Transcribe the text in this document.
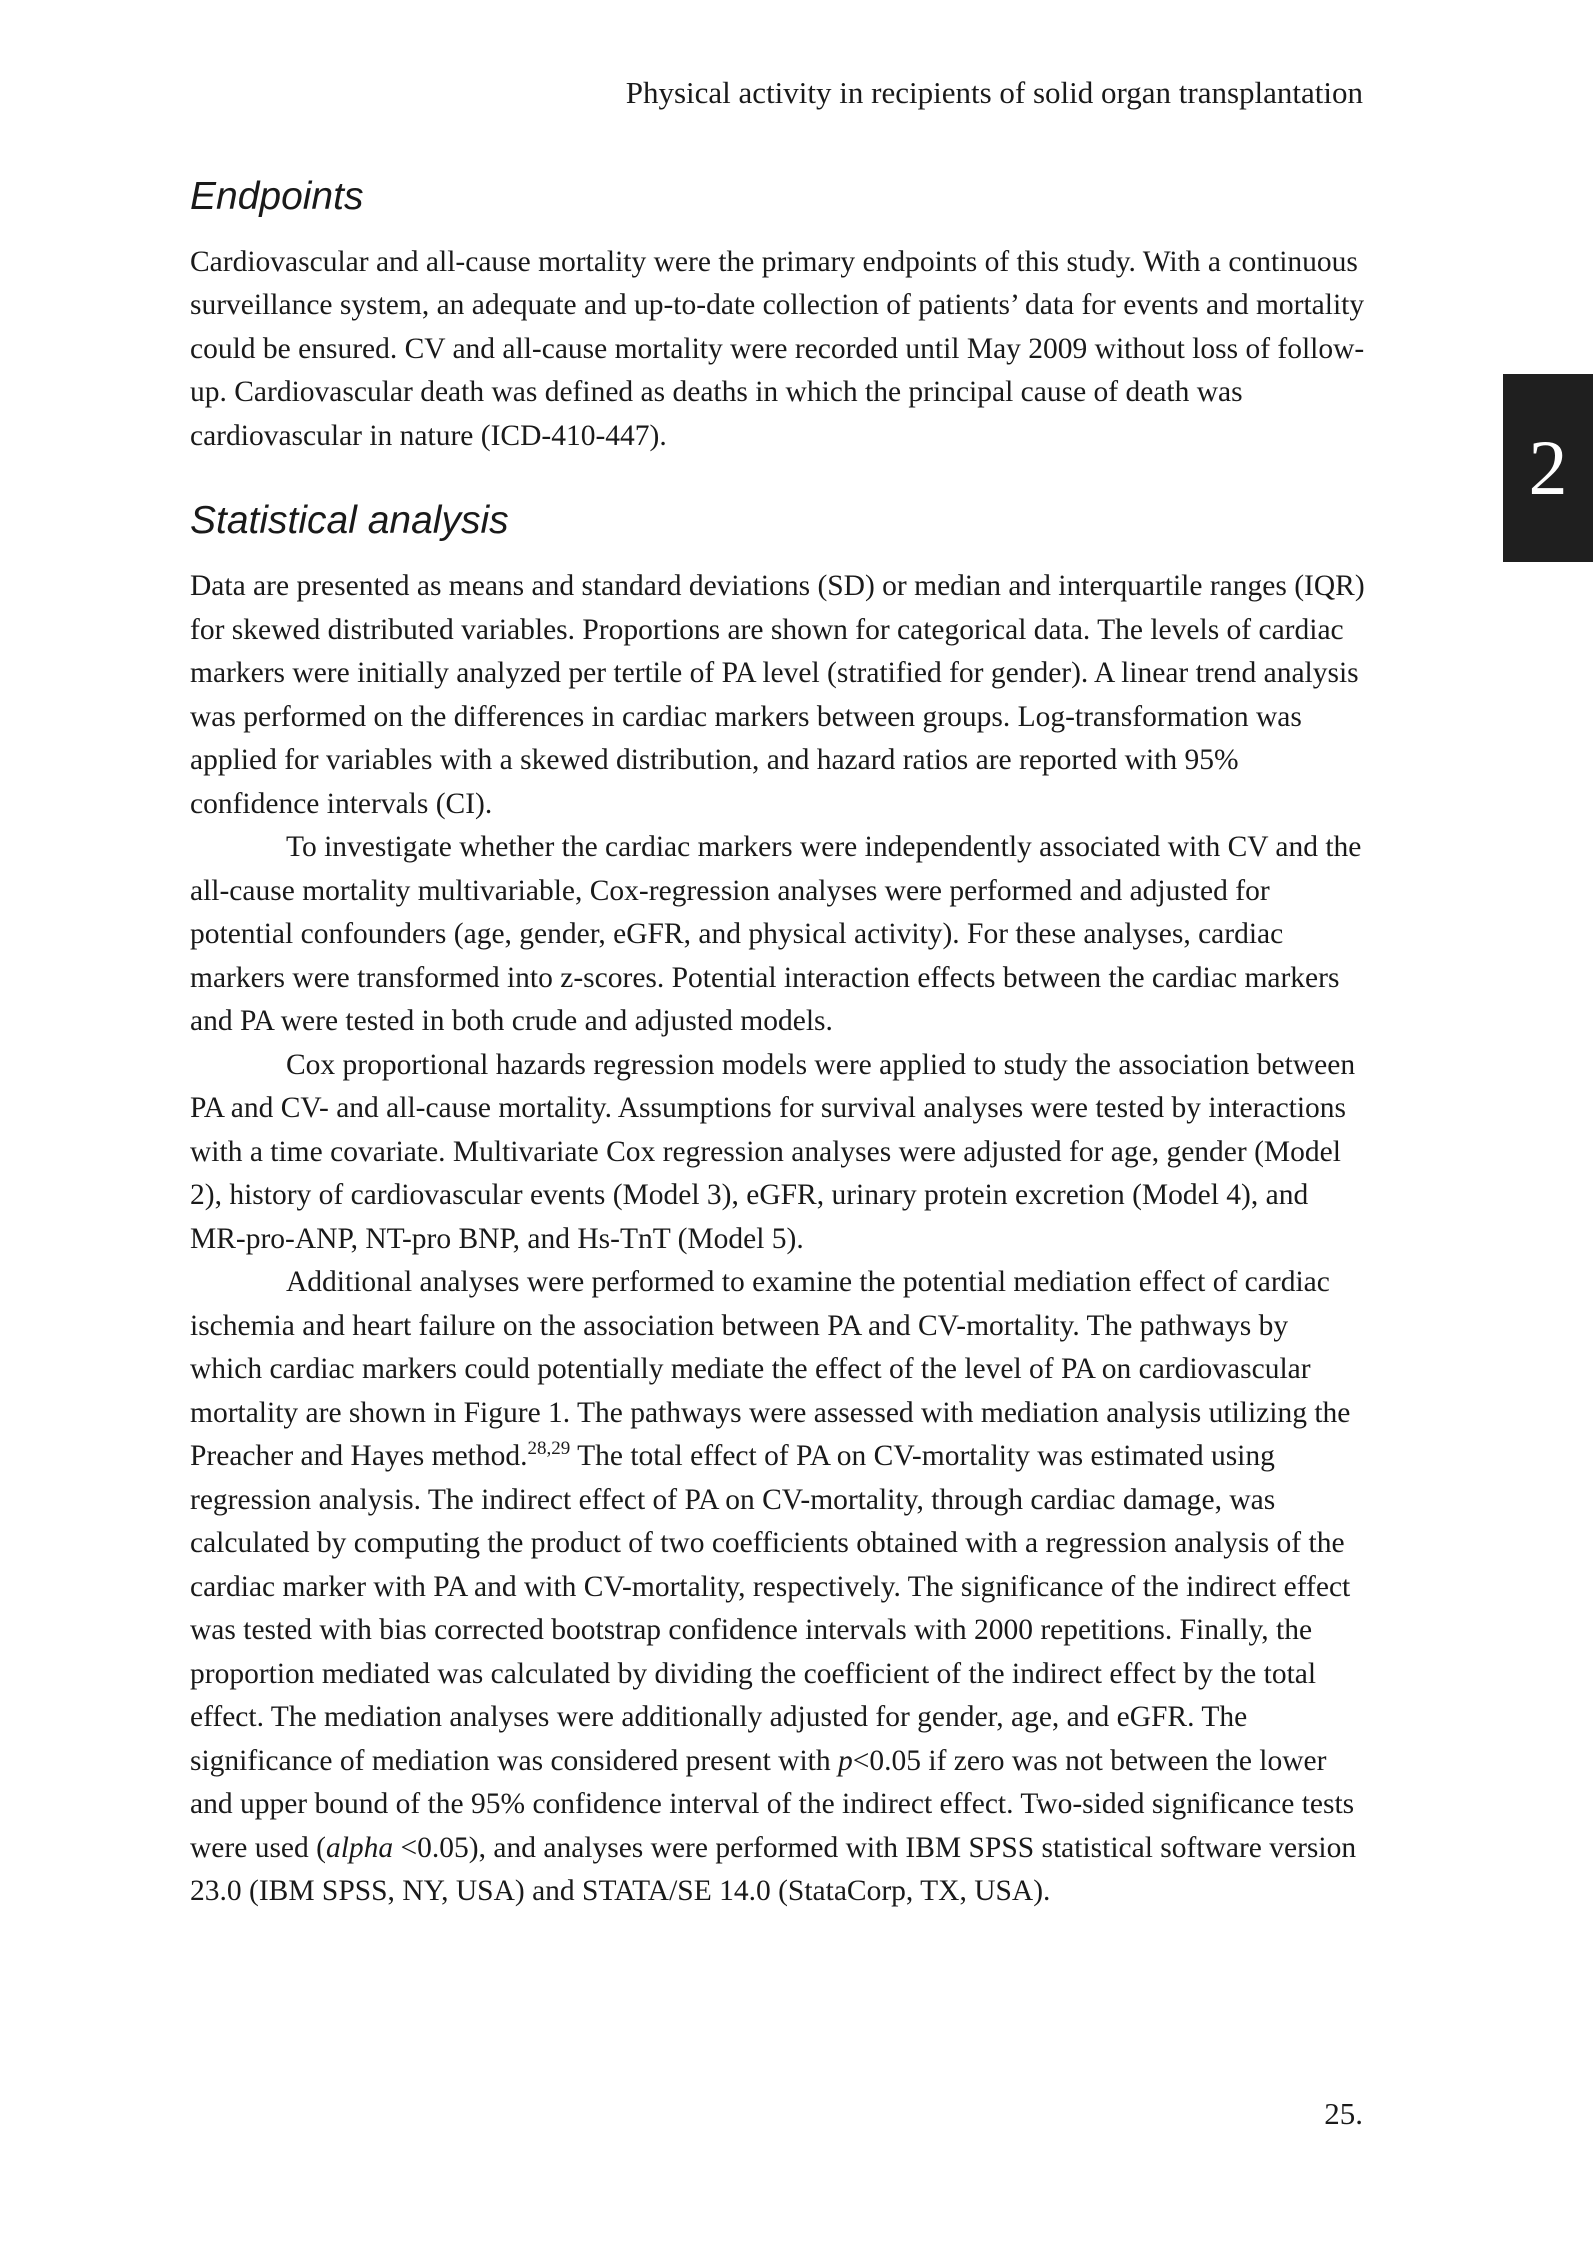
Physical activity in recipients of solid organ transplantation
2
Endpoints

Cardiovascular and all-cause mortality were the primary endpoints of this study. With a continuous surveillance system, an adequate and up-to-date collection of patients’ data for events and mortality could be ensured. CV and all-cause mortality were recorded until May 2009 without loss of follow-up. Cardiovascular death was defined as deaths in which the principal cause of death was cardiovascular in nature (ICD-410-447).

Statistical analysis

Data are presented as means and standard deviations (SD) or median and interquartile ranges (IQR) for skewed distributed variables. Proportions are shown for categorical data. The levels of cardiac markers were initially analyzed per tertile of PA level (stratified for gender). A linear trend analysis was performed on the differences in cardiac markers between groups. Log-transformation was applied for variables with a skewed distribution, and hazard ratios are reported with 95% confidence intervals (CI).

To investigate whether the cardiac markers were independently associated with CV and the all-cause mortality multivariable, Cox-regression analyses were performed and adjusted for potential confounders (age, gender, eGFR, and physical activity). For these analyses, cardiac markers were transformed into z-scores. Potential interaction effects between the cardiac markers and PA were tested in both crude and adjusted models.

Cox proportional hazards regression models were applied to study the association between PA and CV- and all-cause mortality. Assumptions for survival analyses were tested by interactions with a time covariate. Multivariate Cox regression analyses were adjusted for age, gender (Model 2), history of cardiovascular events (Model 3), eGFR, urinary protein excretion (Model 4), and MR-pro-ANP, NT-pro BNP, and Hs-TnT (Model 5).

Additional analyses were performed to examine the potential mediation effect of cardiac ischemia and heart failure on the association between PA and CV-mortality. The pathways by which cardiac markers could potentially mediate the effect of the level of PA on cardiovascular mortality are shown in Figure 1. The pathways were assessed with mediation analysis utilizing the Preacher and Hayes method.$^{28,29}$ The total effect of PA on CV-mortality was estimated using regression analysis. The indirect effect of PA on CV-mortality, through cardiac damage, was calculated by computing the product of two coefficients obtained with a regression analysis of the cardiac marker with PA and with CV-mortality, respectively. The significance of the indirect effect was tested with bias corrected bootstrap confidence intervals with 2000 repetitions. Finally, the proportion mediated was calculated by dividing the coefficient of the indirect effect by the total effect. The mediation analyses were additionally adjusted for gender, age, and eGFR. The significance of mediation was considered present with p<0.05 if zero was not between the lower and upper bound of the 95% confidence interval of the indirect effect. Two-sided significance tests were used (alpha <0.05), and analyses were performed with IBM SPSS statistical software version 23.0 (IBM SPSS, NY, USA) and STATA/SE 14.0 (StataCorp, TX, USA).

25.
